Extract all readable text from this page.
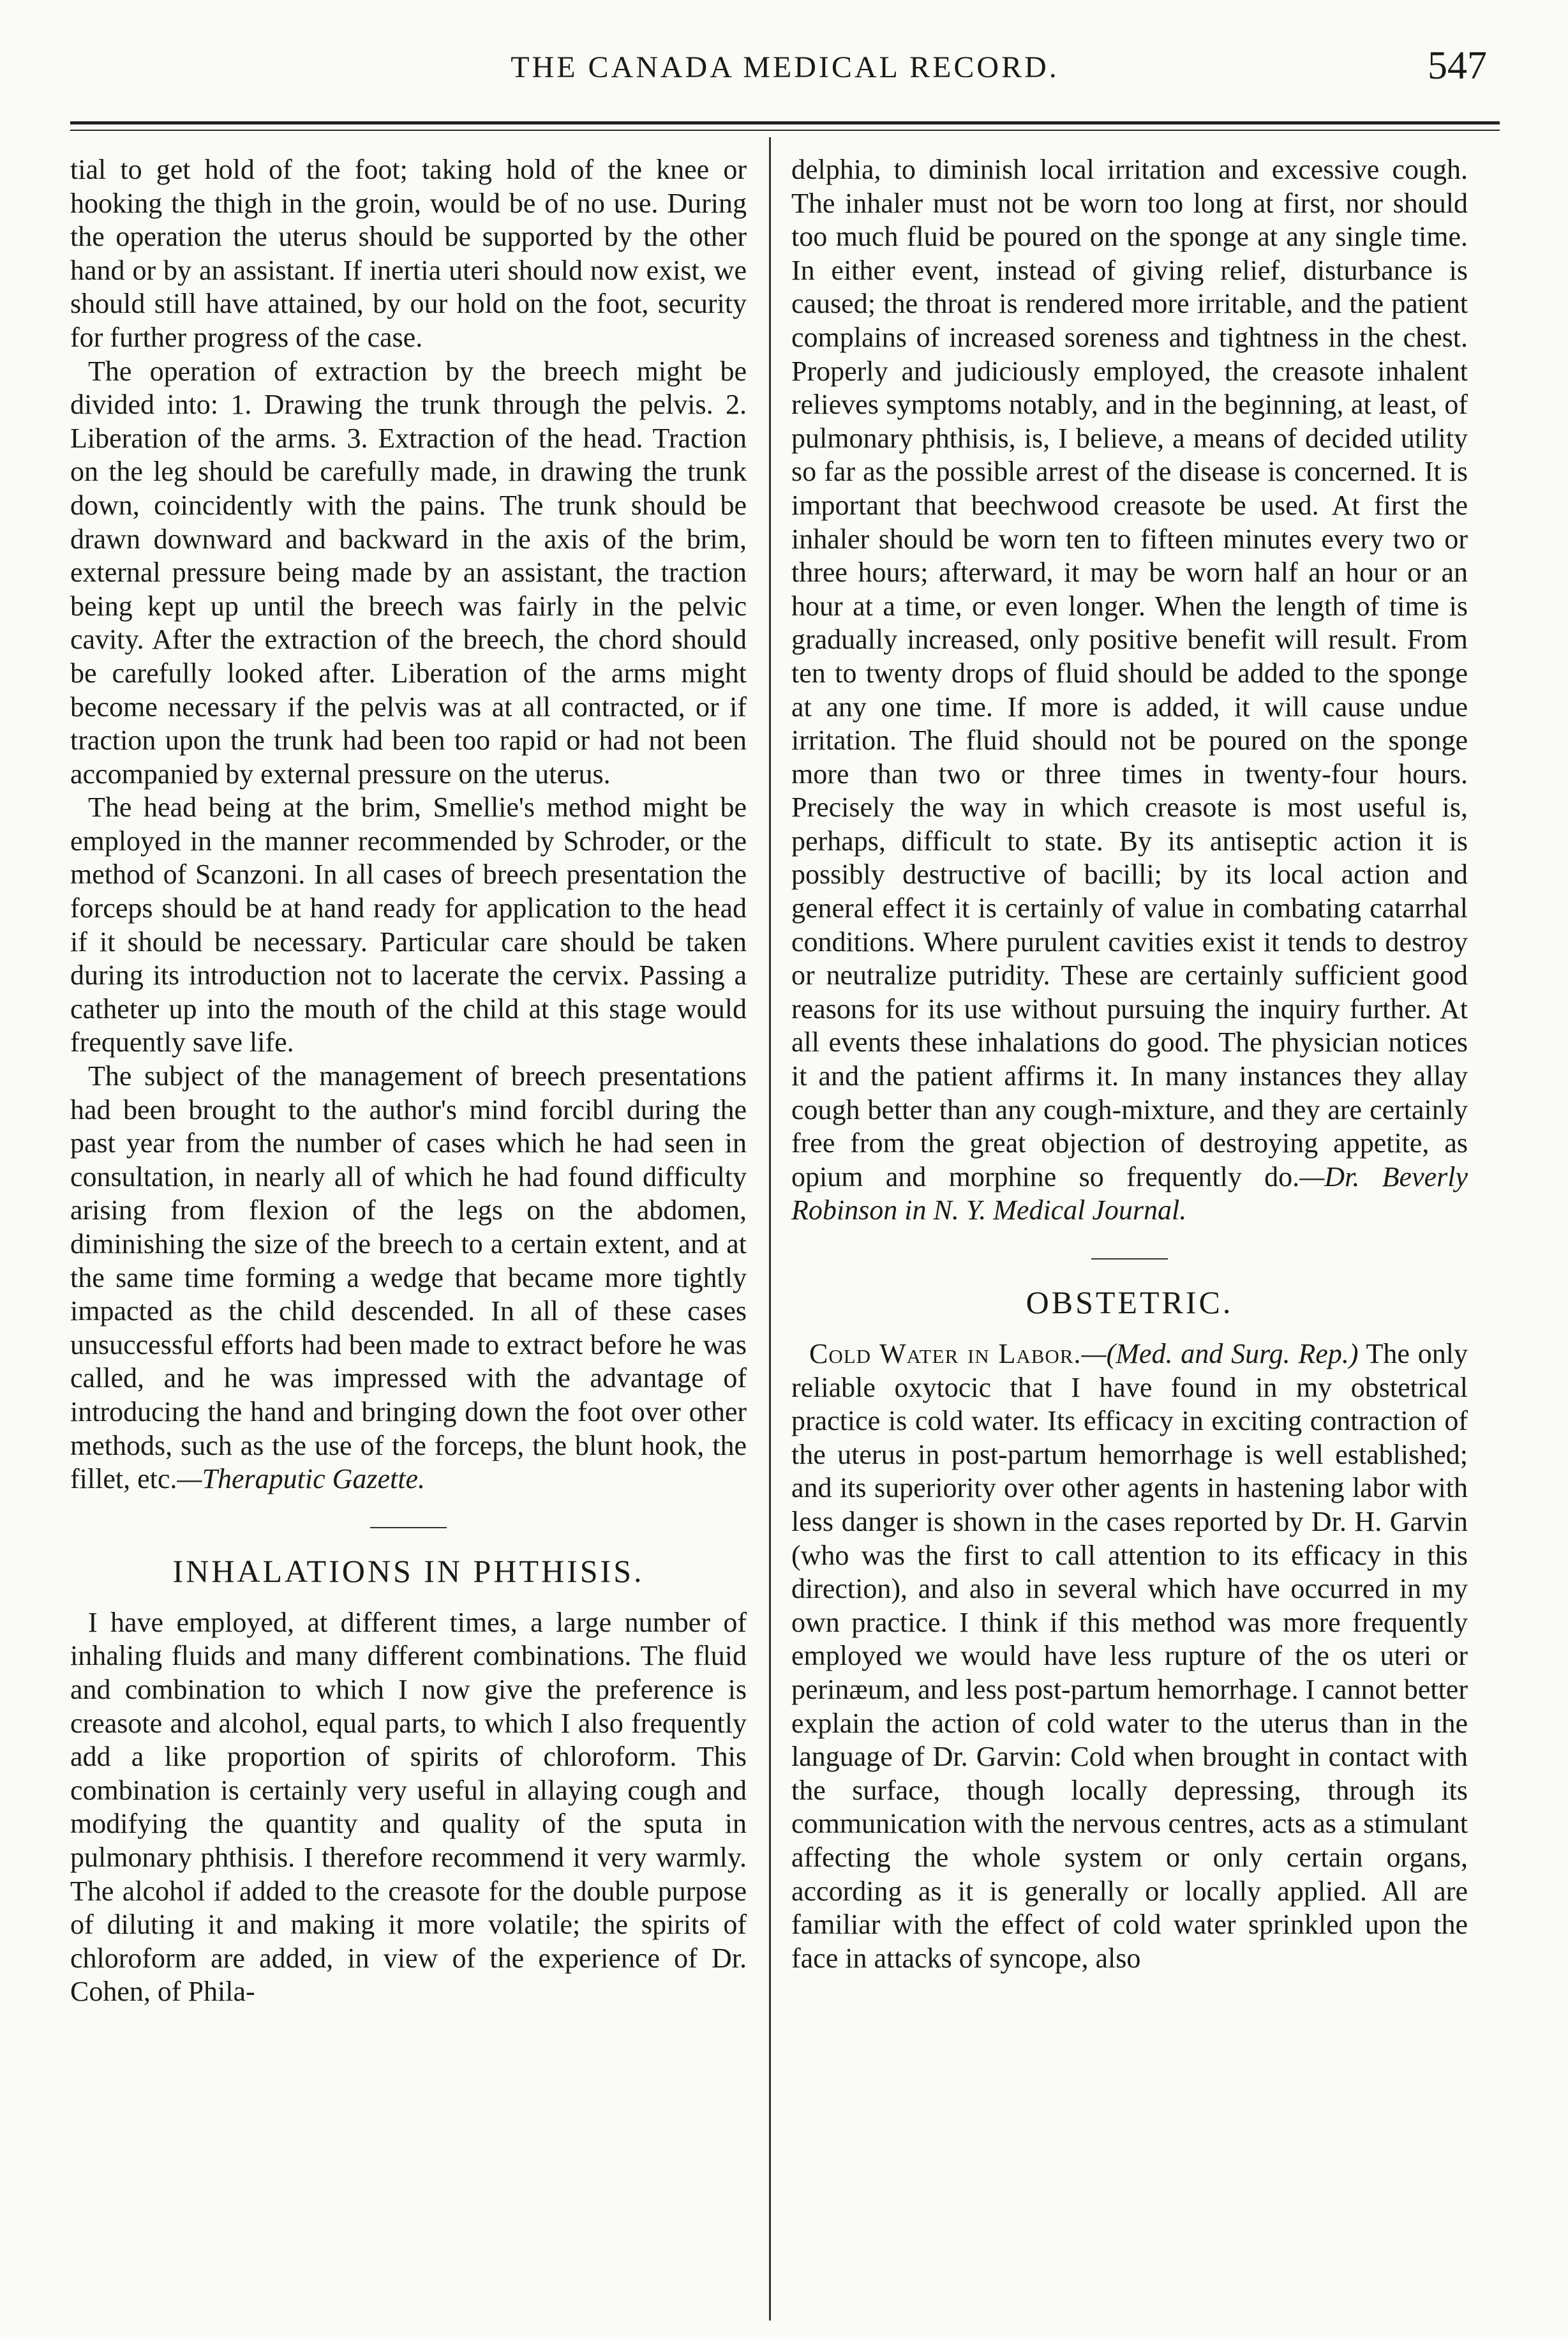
THE CANADA MEDICAL RECORD.	547

tial to get hold of the foot; taking hold of the knee or hooking the thigh in the groin, would be of no use. During the operation the uterus should be supported by the other hand or by an assistant. If inertia uteri should now exist, we should still have attained, by our hold on the foot, security for further progress of the case.

The operation of extraction by the breech might be divided into: 1. Drawing the trunk through the pelvis. 2. Liberation of the arms. 3. Extraction of the head. Traction on the leg should be carefully made, in drawing the trunk down, coincidently with the pains. The trunk should be drawn downward and backward in the axis of the brim, external pressure being made by an assistant, the traction being kept up until the breech was fairly in the pelvic cavity. After the extraction of the breech, the chord should be carefully looked after. Liberation of the arms might become necessary if the pelvis was at all contracted, or if traction upon the trunk had been too rapid or had not been accompanied by external pressure on the uterus.

The head being at the brim, Smellie's method might be employed in the manner recommended by Schroder, or the method of Scanzoni. In all cases of breech presentation the forceps should be at hand ready for application to the head if it should be necessary. Particular care should be taken during its introduction not to lacerate the cervix. Passing a catheter up into the mouth of the child at this stage would frequently save life.

The subject of the management of breech presentations had been brought to the author's mind forcibl during the past year from the number of cases which he had seen in consultation, in nearly all of which he had found difficulty arising from flexion of the legs on the abdomen, diminishing the size of the breech to a certain extent, and at the same time forming a wedge that became more tightly impacted as the child descended. In all of these cases unsuccessful efforts had been made to extract before he was called, and he was impressed with the advantage of introducing the hand and bringing down the foot over other methods, such as the use of the forceps, the blunt hook, the fillet, etc.—Theraputic Gazette.

INHALATIONS IN PHTHISIS.

I have employed, at different times, a large number of inhaling fluids and many different combinations. The fluid and combination to which I now give the preference is creasote and alcohol, equal parts, to which I also frequently add a like proportion of spirits of chloroform. This combination is certainly very useful in allaying cough and modifying the quantity and quality of the sputa in pulmonary phthisis. I therefore recommend it very warmly. The alcohol if added to the creasote for the double purpose of diluting it and making it more volatile; the spirits of chloroform are added, in view of the experience of Dr. Cohen, of Phila-

delphia, to diminish local irritation and excessive cough. The inhaler must not be worn too long at first, nor should too much fluid be poured on the sponge at any single time. In either event, instead of giving relief, disturbance is caused; the throat is rendered more irritable, and the patient complains of increased soreness and tightness in the chest. Properly and judiciously employed, the creasote inhalent relieves symptoms notably, and in the beginning, at least, of pulmonary phthisis, is, I believe, a means of decided utility so far as the possible arrest of the disease is concerned. It is important that beechwood creasote be used. At first the inhaler should be worn ten to fifteen minutes every two or three hours; afterward, it may be worn half an hour or an hour at a time, or even longer. When the length of time is gradually increased, only positive benefit will result. From ten to twenty drops of fluid should be added to the sponge at any one time. If more is added, it will cause undue irritation. The fluid should not be poured on the sponge more than two or three times in twenty-four hours. Precisely the way in which creasote is most useful is, perhaps, difficult to state. By its antiseptic action it is possibly destructive of bacilli; by its local action and general effect it is certainly of value in combating catarrhal conditions. Where purulent cavities exist it tends to destroy or neutralize putridity. These are certainly sufficient good reasons for its use without pursuing the inquiry further. At all events these inhalations do good. The physician notices it and the patient affirms it. In many instances they allay cough better than any cough-mixture, and they are certainly free from the great objection of destroying appetite, as opium and morphine so frequently do.—Dr. Beverly Robinson in N. Y. Medical Journal.

OBSTETRIC.

Cold Water in Labor.—(Med. and Surg. Rep.) The only reliable oxytocic that I have found in my obstetrical practice is cold water. Its efficacy in exciting contraction of the uterus in post-partum hemorrhage is well established; and its superiority over other agents in hastening labor with less danger is shown in the cases reported by Dr. H. Garvin (who was the first to call attention to its efficacy in this direction), and also in several which have occurred in my own practice. I think if this method was more frequently employed we would have less rupture of the os uteri or perinæum, and less post-partum hemorrhage. I cannot better explain the action of cold water to the uterus than in the language of Dr. Garvin: Cold when brought in contact with the surface, though locally depressing, through its communication with the nervous centres, acts as a stimulant affecting the whole system or only certain organs, according as it is generally or locally applied. All are familiar with the effect of cold water sprinkled upon the face in attacks of syncope, also
